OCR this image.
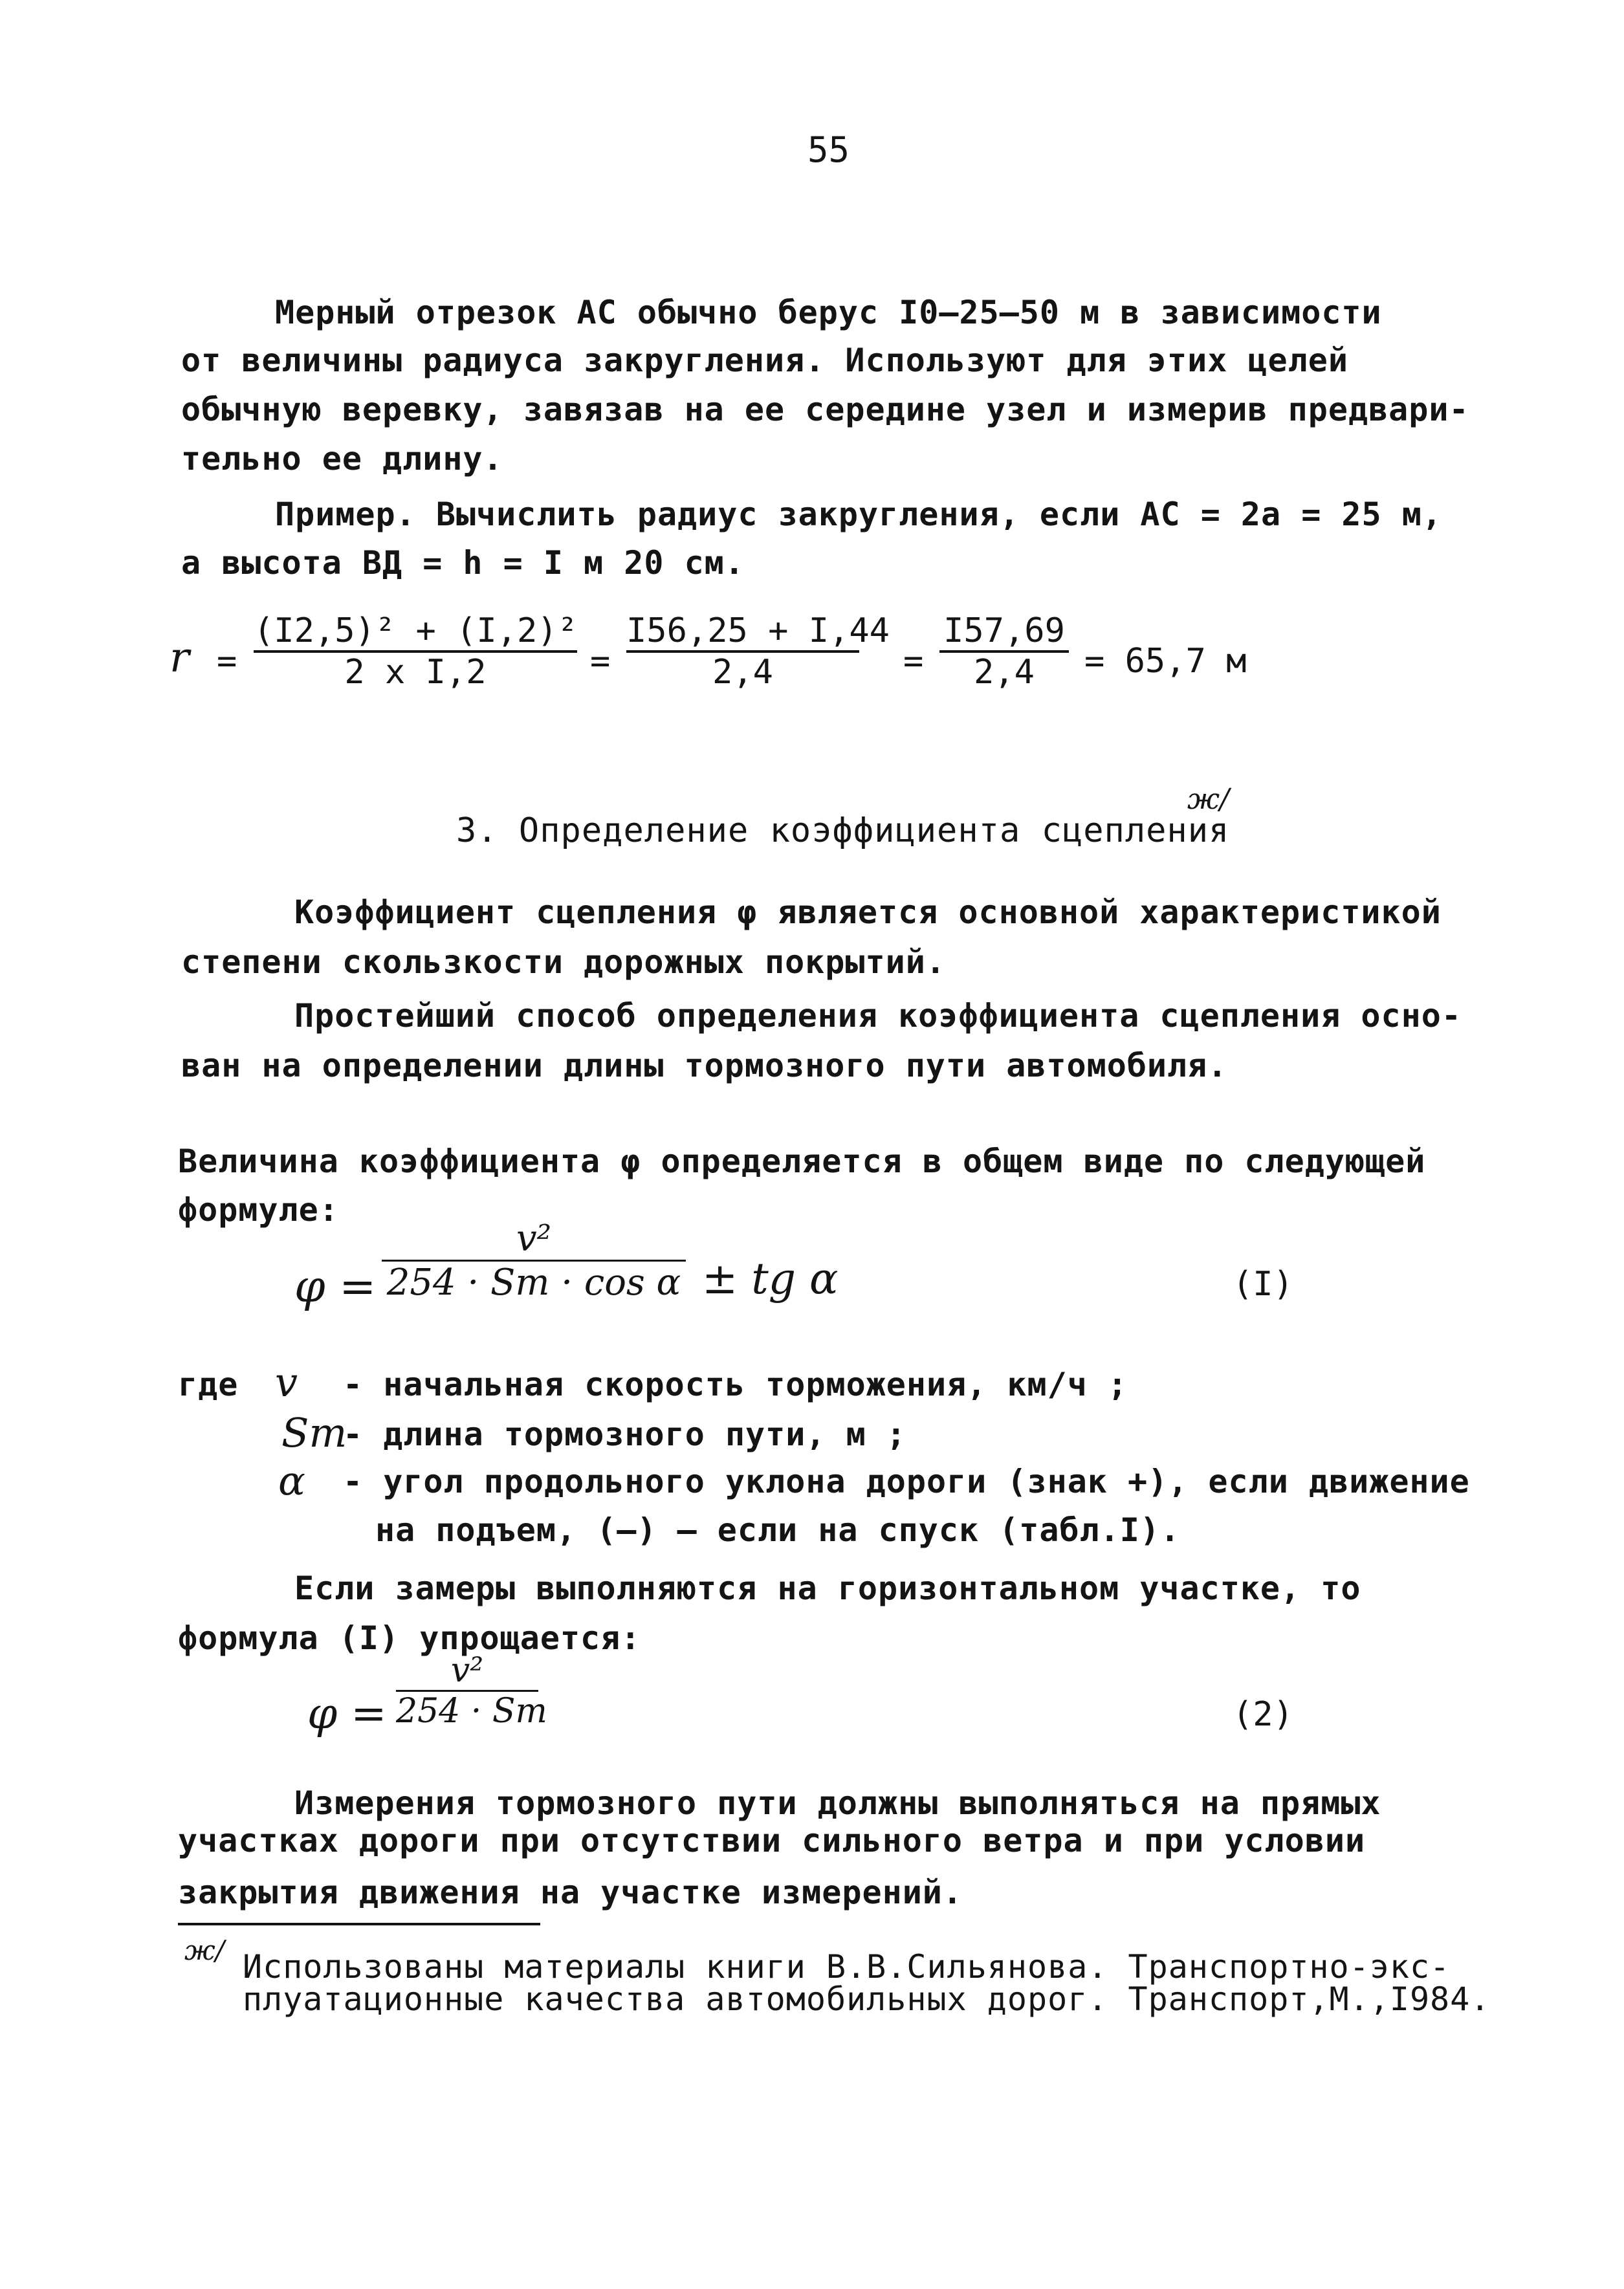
55
Мерный отрезок АС обычно берус I0–25–50 м в зависимости
от величины радиуса закругления. Используют для этих целей
обычную веревку, завязав на ее середине узел и измерив предвари-
тельно ее длину.
Пример. Вычислить радиус закругления, если АС = 2а = 25 м,
а высота ВД = h = I м 20 см.
r =
(I2,5)² + (I,2)²
2 х I,2	=
I56,25 + I,44
2,4	=
I57,69
2,4	= 65,7 м
3. Определение коэффициента сцепления
ж/
Коэффициент сцепления φ является основной характеристикой
степени скользкости дорожных покрытий.
Простейший способ определения коэффициента сцепления осно-
ван на определении длины тормозного пути автомобиля.
Величина коэффициента φ определяется в общем виде по следующей
формуле:
φ =
v²
254 · Sт · cos α ± tg α	(I)
где v - начальная скорость торможения, км/ч ;
Sт
- длина тормозного пути, м ;
α - угол продольного уклона дороги (знак +), если движение
на подъем, (–) – если на спуск (табл.I).
Если замеры выполняются на горизонтальном участке, то
формула (I) упрощается:
φ =
v²
254 · Sт	(2)
Измерения тормозного пути должны выполняться на прямых
участках дороги при отсутствии сильного ветра и при условии
закрытия движения на участке измерений.
ж/ Использованы материалы книги В.В.Сильянова. Транспортно-экс-
плуатационные качества автомобильных дорог. Транспорт,М.,I984.
